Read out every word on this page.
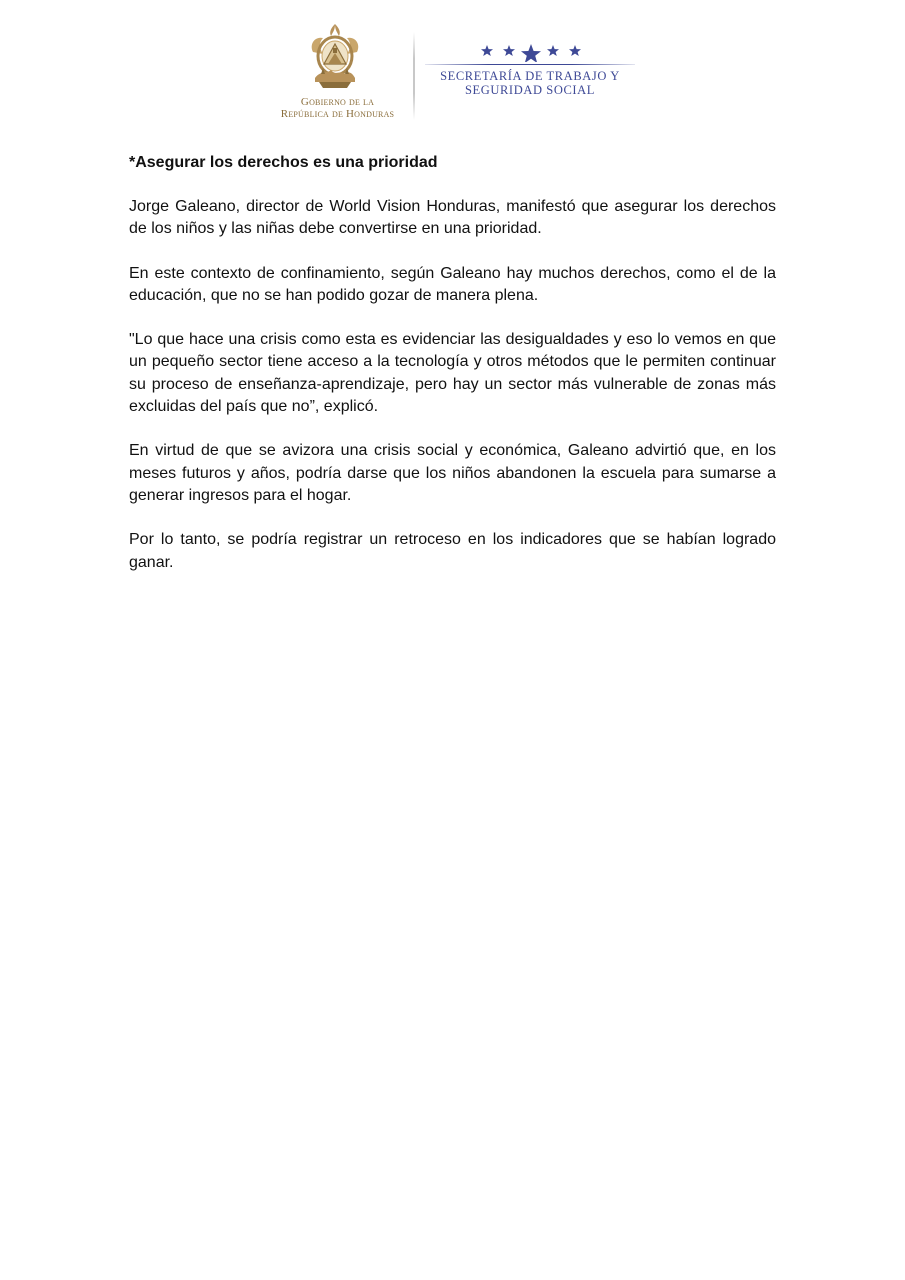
Gobierno de la
República de Honduras
SECRETARÍA DE TRABAJO Y
SEGURIDAD SOCIAL
*Asegurar los derechos es una prioridad

Jorge Galeano, director de World Vision Honduras, manifestó que asegurar los derechos de los niños y las niñas debe convertirse en una prioridad.

En este contexto de confinamiento, según Galeano hay muchos derechos, como el de la educación, que no se han podido gozar de manera plena.

"Lo que hace una crisis como esta es evidenciar las desigualdades y eso lo vemos en que un pequeño sector tiene acceso a la tecnología y otros métodos que le permiten continuar su proceso de enseñanza-aprendizaje, pero hay un sector más vulnerable de zonas más excluidas del país que no”, explicó.

En virtud de que se avizora una crisis social y económica, Galeano advirtió que, en los meses futuros y años, podría darse que los niños abandonen la escuela para sumarse a generar ingresos para el hogar.

Por lo tanto, se podría registrar un retroceso en los indicadores que se habían logrado ganar.
